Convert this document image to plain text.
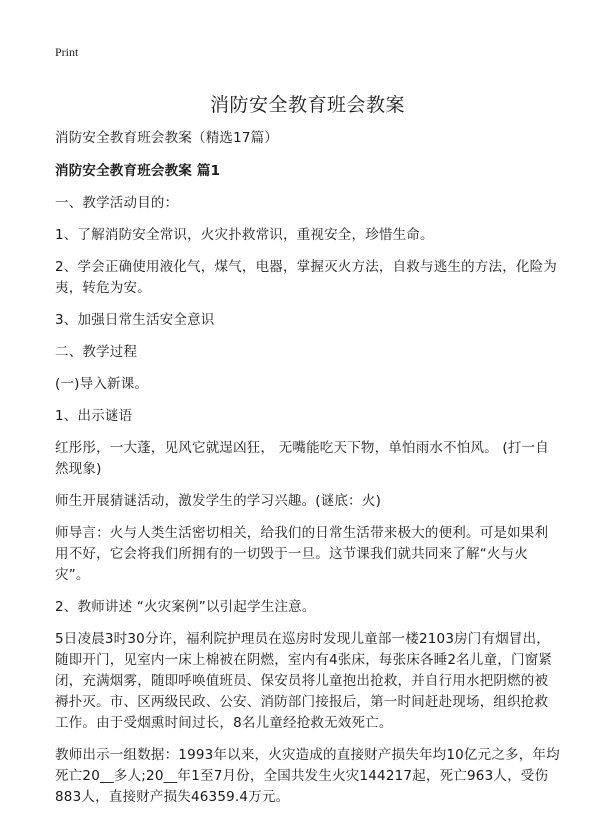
Print

消防安全教育班会教案

消防安全教育班会教案（精选17篇）

消防安全教育班会教案 篇1

一、教学活动目的：

1、了解消防安全常识，火灾扑救常识，重视安全，珍惜生命。

2、学会正确使用液化气，煤气，电器，掌握灭火方法，自救与逃生的方法，化险为夷，转危为安。

3、加强日常生活安全意识

二、教学过程

(一)导入新课。

1、出示谜语

红彤彤，一大蓬，见风它就逞凶狂， 无嘴能吃天下物，单怕雨水不怕风。 (打一自然现象)

师生开展猜谜活动，激发学生的学习兴趣。(谜底：火)

师导言：火与人类生活密切相关，给我们的日常生活带来极大的便利。可是如果利用不好，它会将我们所拥有的一切毁于一旦。这节课我们就共同来了解“火与火灾”。

2、教师讲述 “火灾案例”以引起学生注意。

5日凌晨3时30分许，福利院护理员在巡房时发现儿童部一楼2103房门有烟冒出，随即开门，见室内一床上棉被在阴燃，室内有4张床，每张床各睡2名儿童，门窗紧闭，充满烟雾，随即呼唤值班员、保安员将儿童抱出抢救，并自行用水把阴燃的被褥扑灭。市、区两级民政、公安、消防部门接报后，第一时间赶赴现场，组织抢救工作。由于受烟熏时间过长，8名儿童经抢救无效死亡。

教师出示一组数据：1993年以来，火灾造成的直接财产损失年均10亿元之多，年均死亡20__多人;20__年1至7月份，全国共发生火灾144217起，死亡963人，受伤883人，直接财产损失46359.4万元。
